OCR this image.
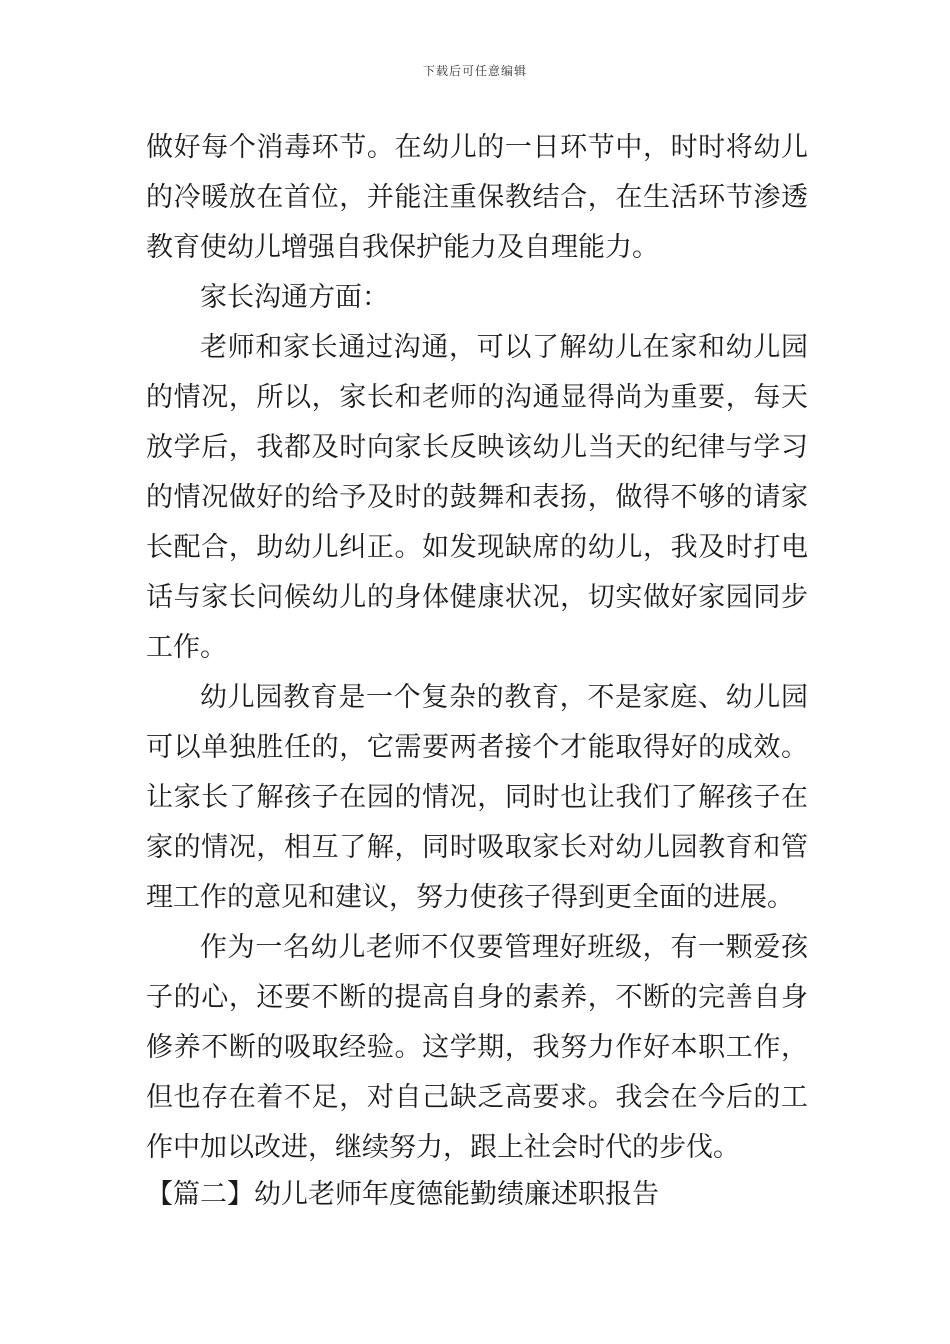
下载后可任意编辑

做好每个消毒环节。在幼儿的一日环节中，时时将幼儿的冷暖放在首位，并能注重保教结合，在生活环节渗透教育使幼儿增强自我保护能力及自理能力。

家长沟通方面：

老师和家长通过沟通，可以了解幼儿在家和幼儿园的情况，所以，家长和老师的沟通显得尚为重要，每天放学后，我都及时向家长反映该幼儿当天的纪律与学习的情况做好的给予及时的鼓舞和表扬，做得不够的请家长配合，助幼儿纠正。如发现缺席的幼儿，我及时打电话与家长问候幼儿的身体健康状况，切实做好家园同步工作。

幼儿园教育是一个复杂的教育，不是家庭、幼儿园可以单独胜任的，它需要两者接个才能取得好的成效。让家长了解孩子在园的情况，同时也让我们了解孩子在家的情况，相互了解，同时吸取家长对幼儿园教育和管理工作的意见和建议，努力使孩子得到更全面的进展。

作为一名幼儿老师不仅要管理好班级，有一颗爱孩子的心，还要不断的提高自身的素养，不断的完善自身修养不断的吸取经验。这学期，我努力作好本职工作，但也存在着不足，对自己缺乏高要求。我会在今后的工作中加以改进，继续努力，跟上社会时代的步伐。

【篇二】幼儿老师年度德能勤绩廉述职报告
